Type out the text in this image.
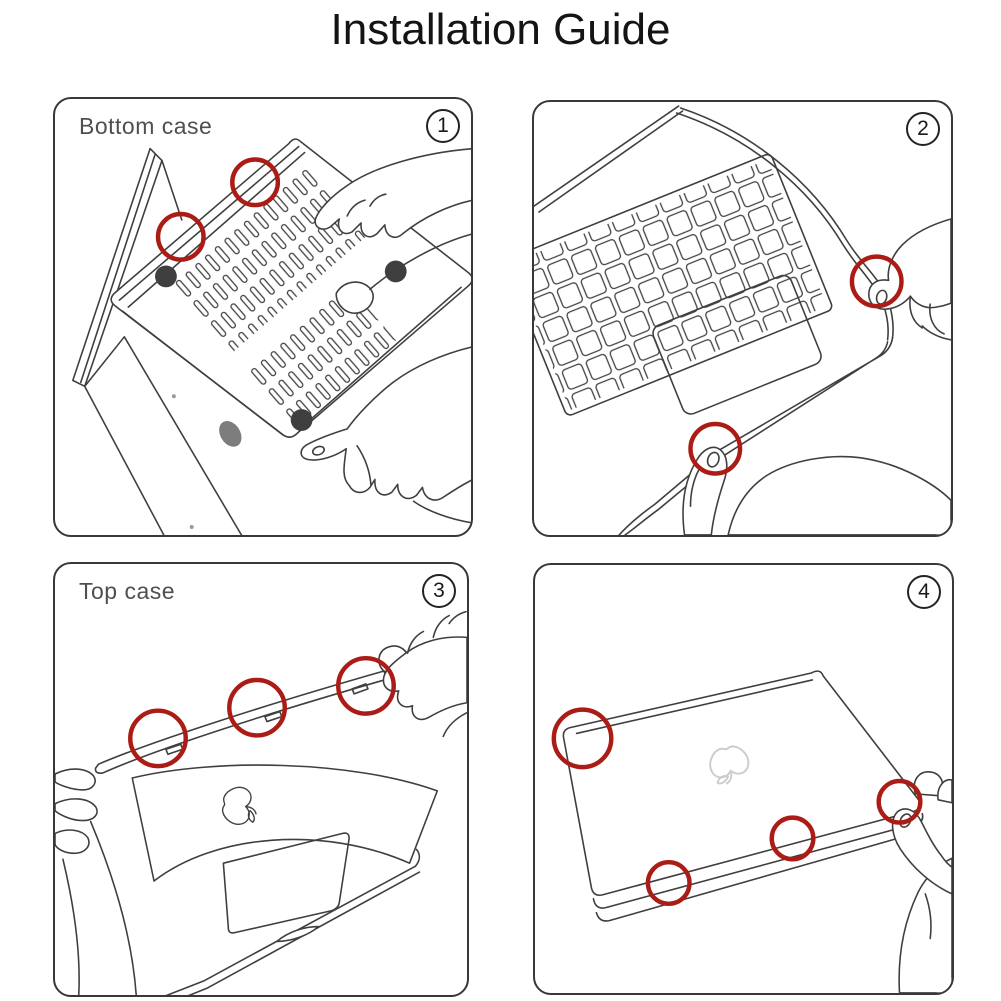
Installation Guide
Bottom case	1	2
Top case	3	4
